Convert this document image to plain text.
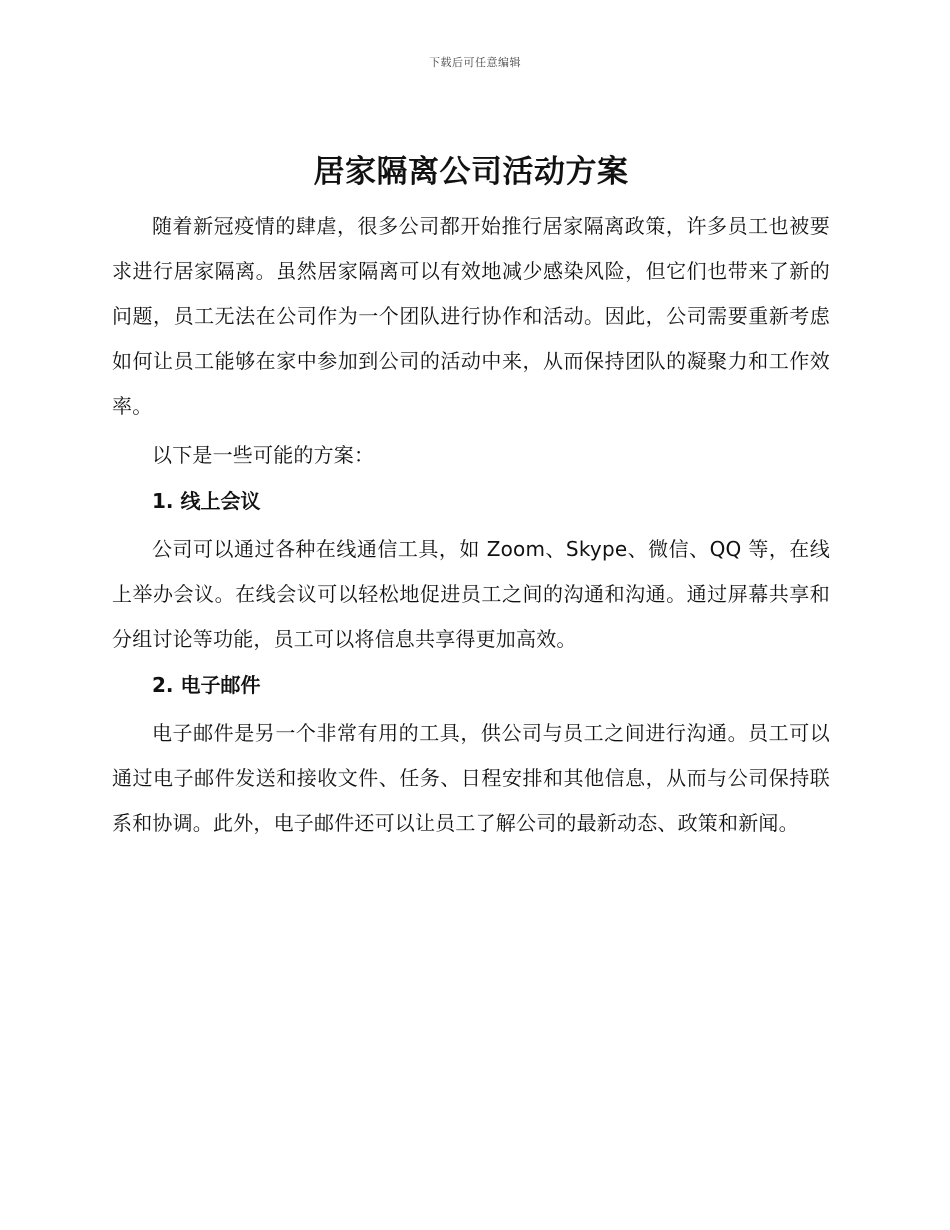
下载后可任意编辑
居家隔离公司活动方案

随着新冠疫情的肆虐，很多公司都开始推行居家隔离政策，许多员工也被要求进行居家隔离。虽然居家隔离可以有效地减少感染风险，但它们也带来了新的问题，员工无法在公司作为一个团队进行协作和活动。因此，公司需要重新考虑如何让员工能够在家中参加到公司的活动中来，从而保持团队的凝聚力和工作效率。

以下是一些可能的方案：

1. 线上会议

公司可以通过各种在线通信工具，如 Zoom、Skype、微信、QQ 等，在线上举办会议。在线会议可以轻松地促进员工之间的沟通和沟通。通过屏幕共享和分组讨论等功能，员工可以将信息共享得更加高效。

2. 电子邮件

电子邮件是另一个非常有用的工具，供公司与员工之间进行沟通。员工可以通过电子邮件发送和接收文件、任务、日程安排和其他信息，从而与公司保持联系和协调。此外，电子邮件还可以让员工了解公司的最新动态、政策和新闻。
